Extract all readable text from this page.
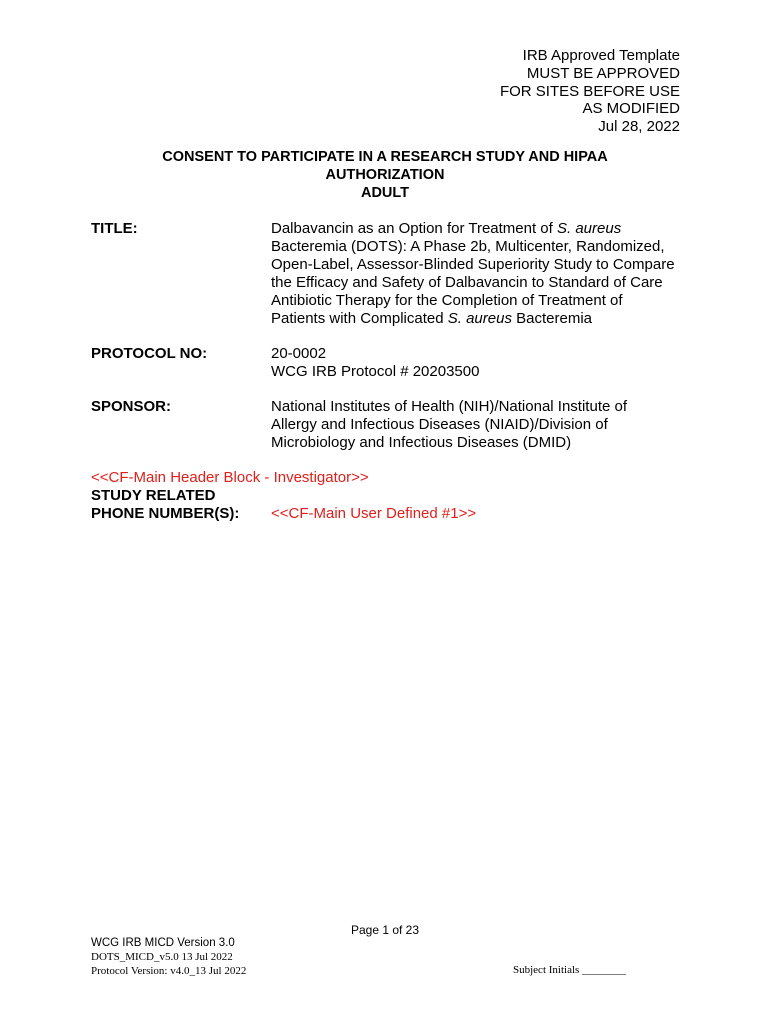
IRB Approved Template
MUST BE APPROVED
FOR SITES BEFORE USE
AS MODIFIED
Jul 28, 2022
CONSENT TO PARTICIPATE IN A RESEARCH STUDY AND HIPAA
AUTHORIZATION
ADULT
TITLE:	Dalbavancin as an Option for Treatment of S. aureus
Bacteremia (DOTS): A Phase 2b, Multicenter, Randomized,
Open-Label, Assessor-Blinded Superiority Study to Compare
the Efficacy and Safety of Dalbavancin to Standard of Care
Antibiotic Therapy for the Completion of Treatment of
Patients with Complicated S. aureus Bacteremia
PROTOCOL NO:	20-0002
WCG IRB Protocol # 20203500
SPONSOR:	National Institutes of Health (NIH)/National Institute of
Allergy and Infectious Diseases (NIAID)/Division of
Microbiology and Infectious Diseases (DMID)
<<CF-Main Header Block - Investigator>>
STUDY RELATED
PHONE NUMBER(S):	<<CF-Main User Defined #1>>
Page 1 of 23
WCG IRB MICD Version 3.0
DOTS_MICD_v5.0 13 Jul 2022
Protocol Version: v4.0_13 Jul 2022	Subject Initials ________
